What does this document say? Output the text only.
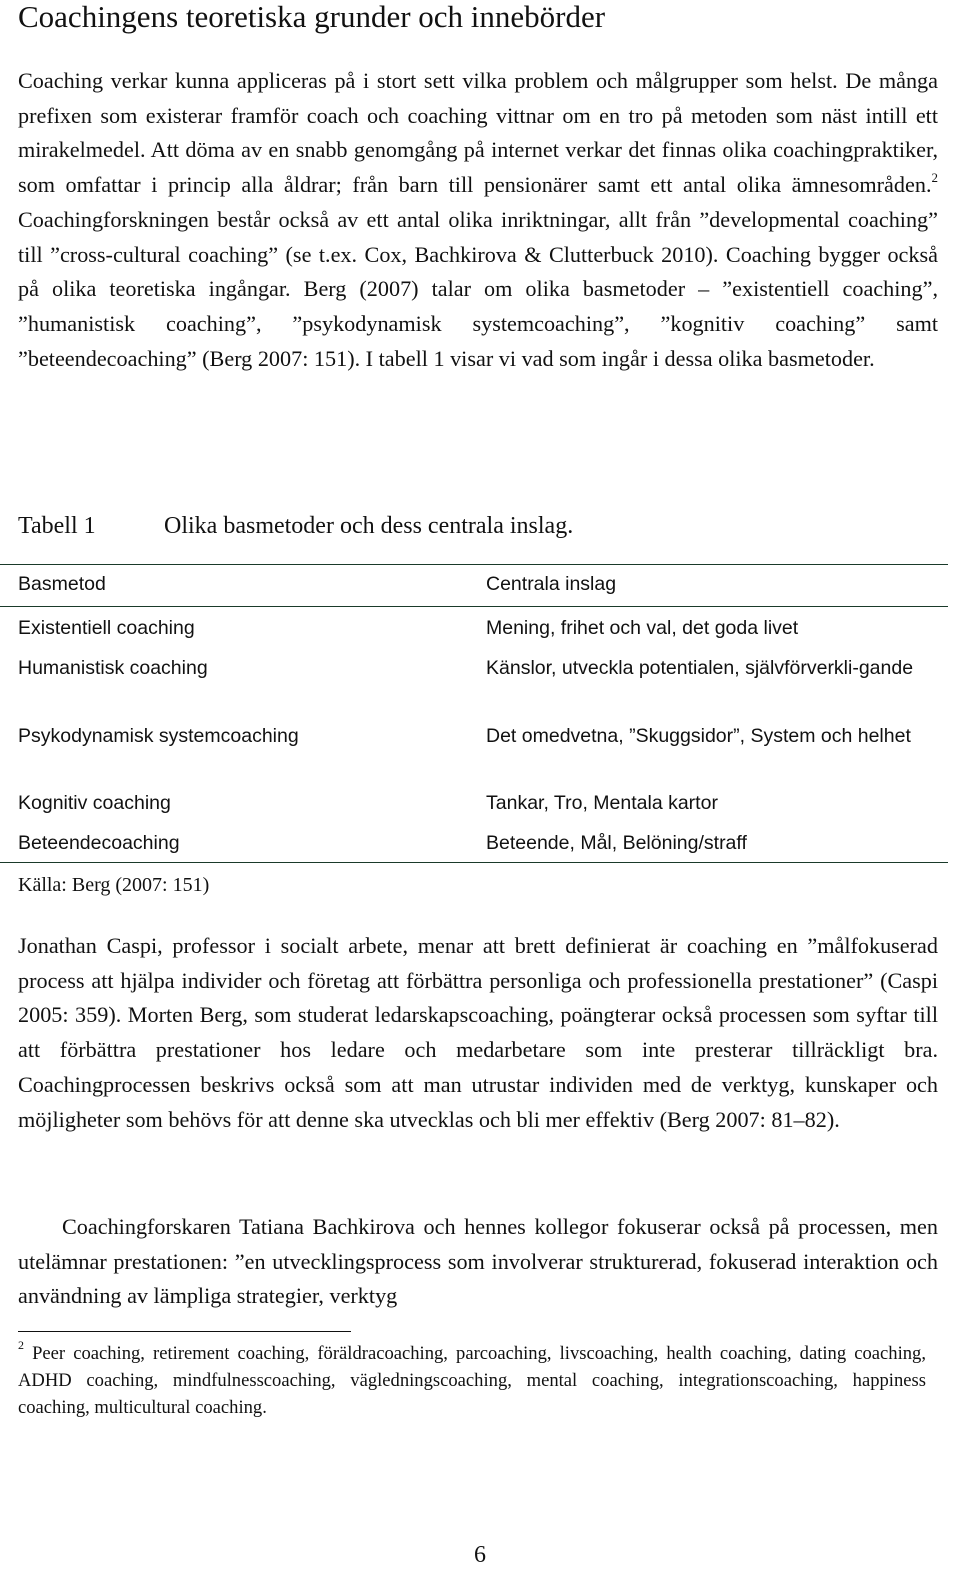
Coachingens teoretiska grunder och innebörder

Coaching verkar kunna appliceras på i stort sett vilka problem och målgrupper som helst. De många prefixen som existerar framför coach och coaching vittnar om en tro på metoden som näst intill ett mirakelmedel. Att döma av en snabb genomgång på internet verkar det finnas olika coachingpraktiker, som omfattar i princip alla åldrar; från barn till pensionärer samt ett antal olika ämnesområden.$^2$ Coachingforskningen består också av ett antal olika inriktningar, allt från ”developmental coaching” till ”cross-cultural coaching” (se t.ex. Cox, Bachkirova & Clutterbuck 2010). Coaching bygger också på olika teoretiska ingångar. Berg (2007) talar om olika basmetoder – ”existentiell coaching”, ”humanistisk coaching”, ”psykodynamisk systemcoaching”, ”kognitiv coaching” samt ”beteendecoaching” (Berg 2007: 151). I tabell 1 visar vi vad som ingår i dessa olika basmetoder.

Tabell 1	Olika basmetoder och dess centrala inslag.
Basmetod	Centrala inslag
Existentiell coaching	Mening, frihet och val, det goda livet
Humanistisk coaching	Känslor, utveckla potentialen, självförverkli-gande
Psykodynamisk systemcoaching	Det omedvetna, ”Skuggsidor”, System och helhet
Kognitiv coaching	Tankar, Tro, Mentala kartor
Beteendecoaching	Beteende, Mål, Belöning/straff
Källa: Berg (2007: 151)

Jonathan Caspi, professor i socialt arbete, menar att brett definierat är coaching en ”målfokuserad process att hjälpa individer och företag att förbättra personliga och professionella prestationer” (Caspi 2005: 359). Morten Berg, som studerat ledarskapscoaching, poängterar också processen som syftar till att förbättra prestationer hos ledare och medarbetare som inte presterar tillräckligt bra. Coachingprocessen beskrivs också som att man utrustar individen med de verktyg, kunskaper och möjligheter som behövs för att denne ska utvecklas och bli mer effektiv (Berg 2007: 81–82).

Coachingforskaren Tatiana Bachkirova och hennes kollegor fokuserar också på processen, men utelämnar prestationen: ”en utvecklingsprocess som involverar strukturerad, fokuserad interaktion och användning av lämpliga strategier, verktyg

$^2$ Peer coaching, retirement coaching, föräldracoaching, parcoaching, livscoaching, health coaching, dating coaching, ADHD coaching, mindfulnesscoaching, vägledningscoaching, mental coaching, integrationscoaching, happiness coaching, multicultural coaching.

6
